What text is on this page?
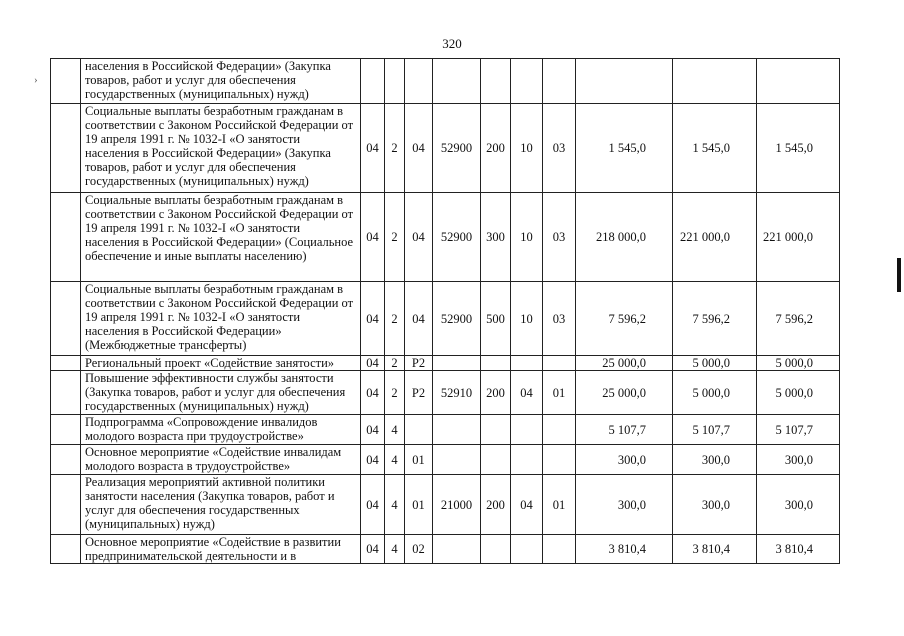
320
›
	населения в Российской Федерации» (Закупка товаров, работ и услуг для обеспечения государственных (муниципальных) нужд)										
	Социальные выплаты безработным гражданам в соответствии с Законом Российской Федерации от 19 апреля 1991 г. № 1032-I «О занятости населения в Российской Федерации» (Закупка товаров, работ и услуг для обеспечения государственных (муниципальных) нужд)	04	2	04	52900	200	10	03	1 545,0	1 545,0	1 545,0
	Социальные выплаты безработным гражданам в соответствии с Законом Российской Федерации от 19 апреля 1991 г. № 1032-I «О занятости населения в Российской Федерации» (Социальное обеспечение и иные выплаты населению)	04	2	04	52900	300	10	03	218 000,0	221 000,0	221 000,0
	Социальные выплаты безработным гражданам в соответствии с Законом Российской Федерации от 19 апреля 1991 г. № 1032-I «О занятости населения в Российской Федерации» (Межбюджетные трансферты)	04	2	04	52900	500	10	03	7 596,2	7 596,2	7 596,2
	Региональный проект «Содействие занятости»	04	2	P2					25 000,0	5 000,0	5 000,0
	Повышение эффективности службы занятости (Закупка товаров, работ и услуг для обеспечения государственных (муниципальных) нужд)	04	2	P2	52910	200	04	01	25 000,0	5 000,0	5 000,0
	Подпрограмма «Сопровождение инвалидов молодого возраста при трудоустройстве»	04	4						5 107,7	5 107,7	5 107,7
	Основное мероприятие «Содействие инвалидам молодого возраста в трудоустройстве»	04	4	01					300,0	300,0	300,0
	Реализация мероприятий активной политики занятости населения (Закупка товаров, работ и услуг для обеспечения государственных (муниципальных) нужд)	04	4	01	21000	200	04	01	300,0	300,0	300,0
	Основное мероприятие «Содействие в развитии предпринимательской деятельности и в	04	4	02					3 810,4	3 810,4	3 810,4
